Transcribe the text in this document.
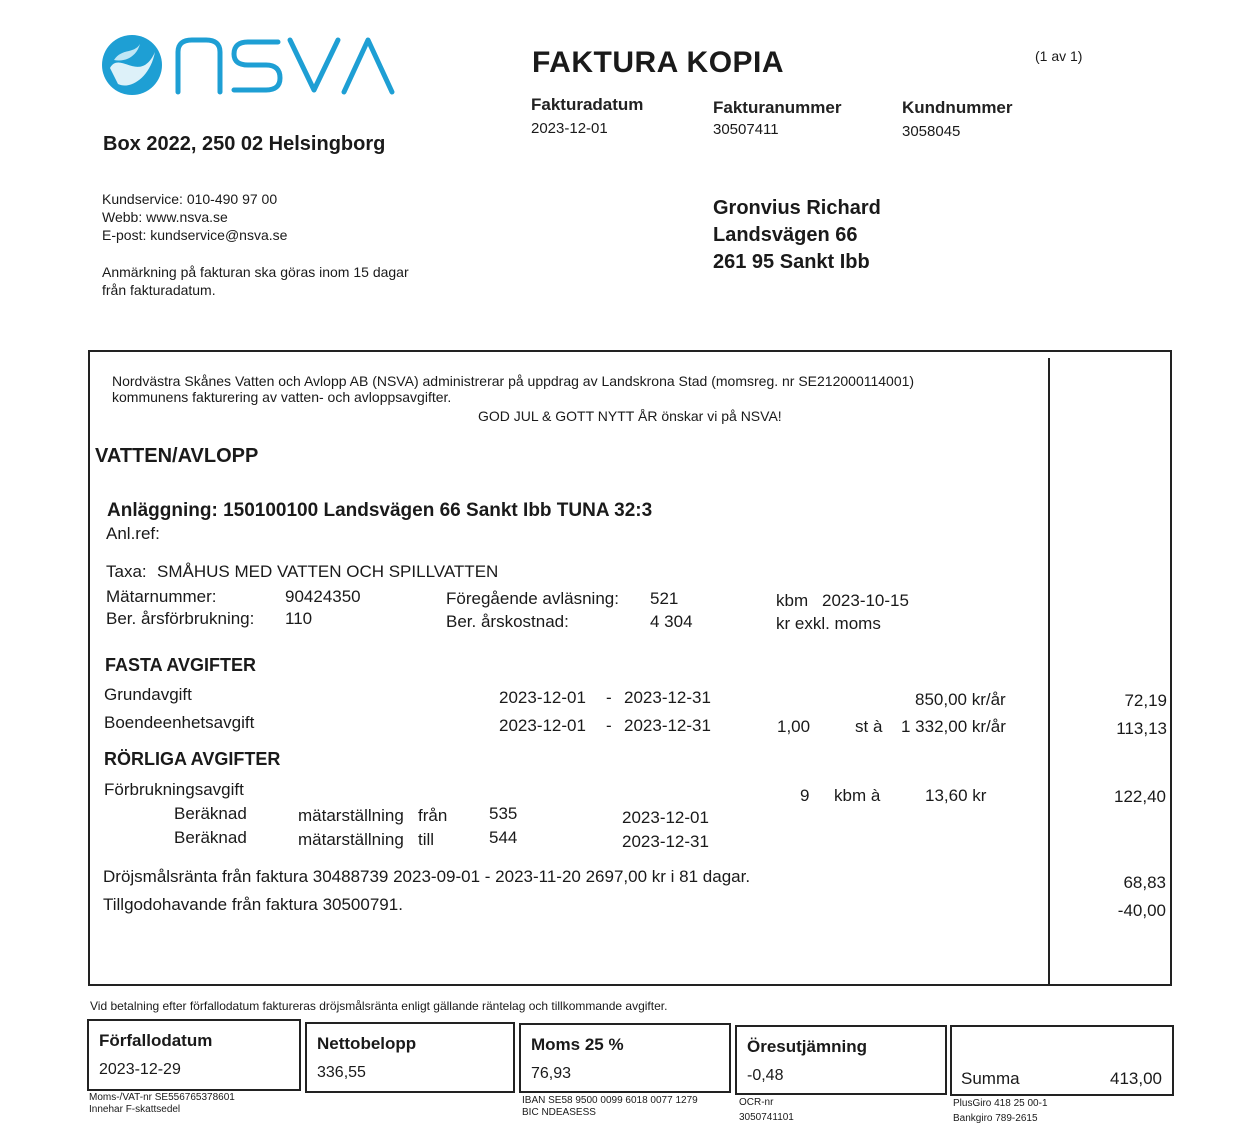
FAKTURA KOPIA	(1 av 1)
Fakturadatum
2023-12-01
Fakturanummer
30507411
Kundnummer
3058045
Gronvius Richard
Landsvägen 66
261 95 Sankt Ibb
Box 2022, 250 02 Helsingborg
Kundservice: 010-490 97 00
Webb: www.nsva.se
E-post: kundservice@nsva.se
Anmärkning på fakturan ska göras inom 15 dagar
från fakturadatum.
Nordvästra Skånes Vatten och Avlopp AB (NSVA) administrerar på uppdrag av Landskrona Stad (momsreg. nr SE212000114001)
kommunens fakturering av vatten- och avloppsavgifter.
GOD JUL & GOTT NYTT ÅR önskar vi på NSVA!
VATTEN/AVLOPP
Anläggning: 150100100 Landsvägen 66 Sankt Ibb TUNA 32:3
Anl.ref:
Taxa: SMÅHUS MED VATTEN OCH SPILLVATTEN
Mätarnummer:	90424350	Föregående avläsning: 521	kbm 2023-10-15
Ber. årsförbrukning: 110	Ber. årskostnad:	4 304	kr exkl. moms
FASTA AVGIFTER
Grundavgift	2023-12-01 - 2023-12-31	850,00 kr/år	72,19
Boendeenhetsavgift	2023-12-01 - 2023-12-31	1,00	st à 1 332,00 kr/år	113,13
RÖRLIGA AVGIFTER
Förbrukningsavgift	9 kbm à	13,60 kr	122,40
Beräknad	mätarställning från 535	2023-12-01
Beräknad	mätarställning till	544	2023-12-31
Dröjsmålsränta från faktura 30488739 2023-09-01 - 2023-11-20 2697,00 kr i 81 dagar.	68,83
Tillgodohavande från faktura 30500791.	-40,00
Vid betalning efter förfallodatum faktureras dröjsmålsränta enligt gällande räntelag och tillkommande avgifter.
Förfallodatum
2023-12-29
Nettobelopp
336,55
Moms 25 %
76,93
Öresutjämning
-0,48	Summa	413,00
Moms-/VAT-nr SE556765378601
Innehar F-skattsedel
IBAN SE58 9500 0099 6018 0077 1279
BIC NDEASESS
OCR-nr
3050741101
PlusGiro 418 25 00-1
Bankgiro 789-2615
